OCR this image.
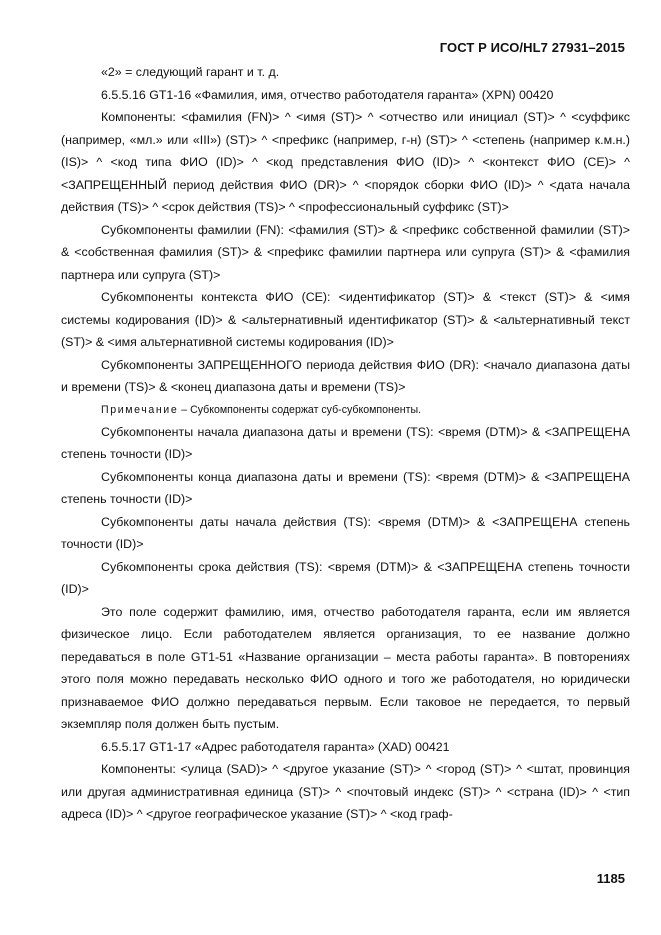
ГОСТ Р ИСО/HL7 27931–2015

«2» = следующий гарант и т. д.

6.5.5.16 GT1-16 «Фамилия, имя, отчество работодателя гаранта» (XPN) 00420

Компоненты: <фамилия (FN)> ^ <имя (ST)> ^ <отчество или инициал (ST)> ^ <суффикс (например, «мл.» или «III») (ST)> ^ <префикс (например, г-н) (ST)> ^ <степень (например к.м.н.) (IS)> ^ <код типа ФИО (ID)> ^ <код представления ФИО (ID)> ^ <контекст ФИО (CE)> ^ <ЗАПРЕЩЕННЫЙ период действия ФИО (DR)> ^ <порядок сборки ФИО (ID)> ^ <дата начала действия (TS)> ^ <срок действия (TS)> ^ <профессиональный суффикс (ST)>

Субкомпоненты фамилии (FN): <фамилия (ST)> & <префикс собственной фамилии (ST)> & <собственная фамилия (ST)> & <префикс фамилии партнера или супруга (ST)> & <фамилия партнера или супруга (ST)>

Субкомпоненты контекста ФИО (CE): <идентификатор (ST)> & <текст (ST)> & <имя системы кодирования (ID)> & <альтернативный идентификатор (ST)> & <альтернативный текст (ST)> & <имя альтернативной системы кодирования (ID)>

Субкомпоненты ЗАПРЕЩЕННОГО периода действия ФИО (DR): <начало диапазона даты и времени (TS)> & <конец диапазона даты и времени (TS)>

Примечание – Субкомпоненты содержат суб-субкомпоненты.

Субкомпоненты начала диапазона даты и времени (TS): <время (DTM)> & <ЗАПРЕЩЕНА степень точности (ID)>

Субкомпоненты конца диапазона даты и времени (TS): <время (DTM)> & <ЗАПРЕЩЕНА степень точности (ID)>

Субкомпоненты даты начала действия (TS): <время (DTM)> & <ЗАПРЕЩЕНА степень точности (ID)>

Субкомпоненты срока действия (TS): <время (DTM)> & <ЗАПРЕЩЕНА степень точности (ID)>

Это поле содержит фамилию, имя, отчество работодателя гаранта, если им является физическое лицо. Если работодателем является организация, то ее название должно передаваться в поле GT1-51 «Название организации – места работы гаранта». В повторениях этого поля можно передавать несколько ФИО одного и того же работодателя, но юридически признаваемое ФИО должно передаваться первым. Если таковое не передается, то первый экземпляр поля должен быть пустым.

6.5.5.17 GT1-17 «Адрес работодателя гаранта» (XAD) 00421

Компоненты: <улица (SAD)> ^ <другое указание (ST)> ^ <город (ST)> ^ <штат, провинция или другая административная единица (ST)> ^ <почтовый индекс (ST)> ^ <страна (ID)> ^ <тип адреса (ID)> ^ <другое географическое указание (ST)> ^ <код граф-

1185
